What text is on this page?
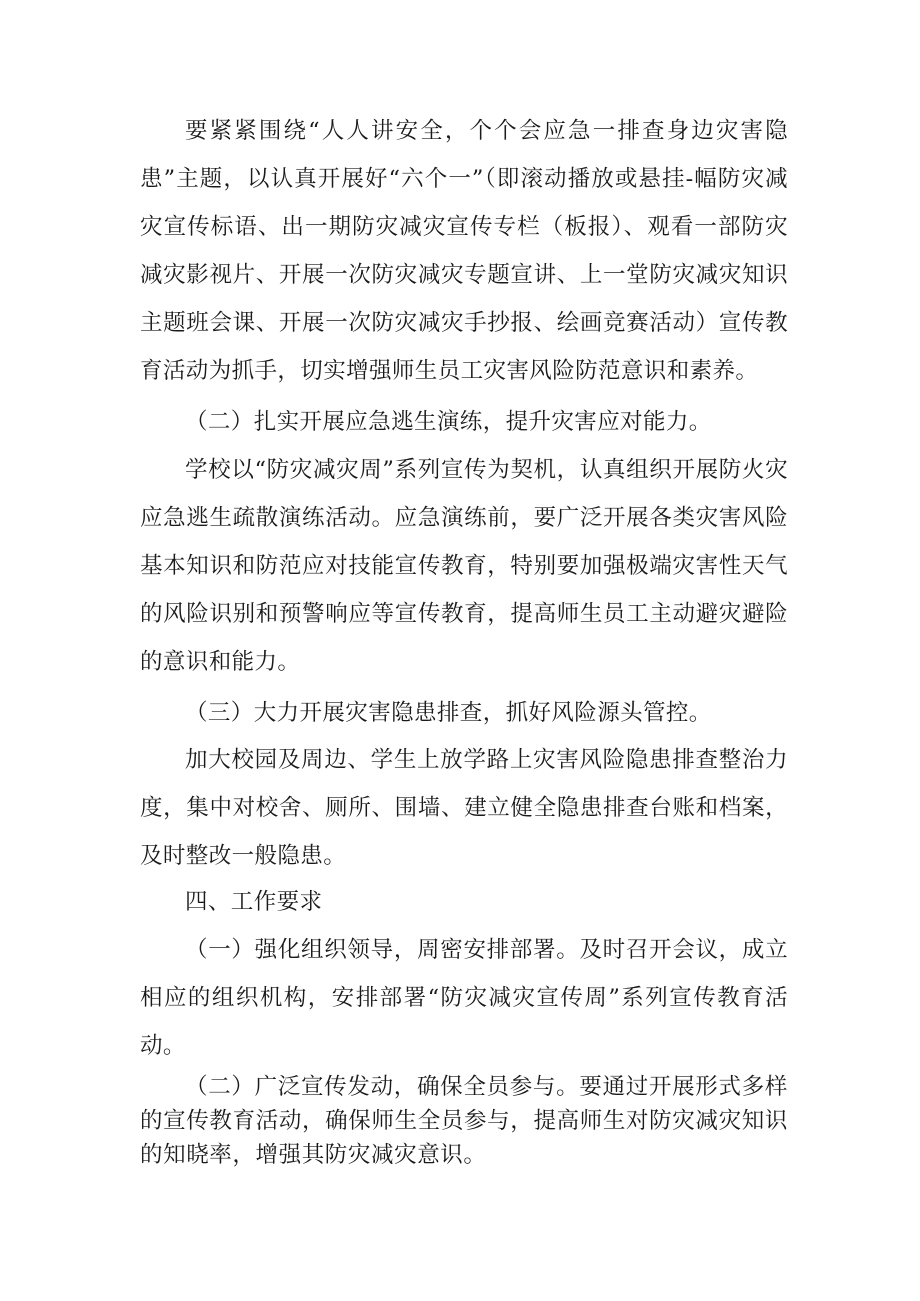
要紧紧围绕“人人讲安全，个个会应急一排查身边灾害隐患”主题，以认真开展好“六个一”（即滚动播放或悬挂-幅防灾减灾宣传标语、出一期防灾减灾宣传专栏（板报）、观看一部防灾减灾影视片、开展一次防灾减灾专题宣讲、上一堂防灾减灾知识主题班会课、开展一次防灾减灾手抄报、绘画竞赛活动）宣传教育活动为抓手，切实增强师生员工灾害风险防范意识和素养。

（二）扎实开展应急逃生演练，提升灾害应对能力。

学校以“防灾减灾周”系列宣传为契机，认真组织开展防火灾应急逃生疏散演练活动。应急演练前，要广泛开展各类灾害风险基本知识和防范应对技能宣传教育，特别要加强极端灾害性天气的风险识别和预警响应等宣传教育，提高师生员工主动避灾避险的意识和能力。

（三）大力开展灾害隐患排查，抓好风险源头管控。

加大校园及周边、学生上放学路上灾害风险隐患排查整治力度，集中对校舍、厕所、围墙、建立健全隐患排查台账和档案，及时整改一般隐患。

四、工作要求

（一）强化组织领导，周密安排部署。及时召开会议，成立相应的组织机构，安排部署“防灾减灾宣传周”系列宣传教育活动。

（二）广泛宣传发动，确保全员参与。要通过开展形式多样的宣传教育活动，确保师生全员参与，提高师生对防灾减灾知识的知晓率，增强其防灾减灾意识。
